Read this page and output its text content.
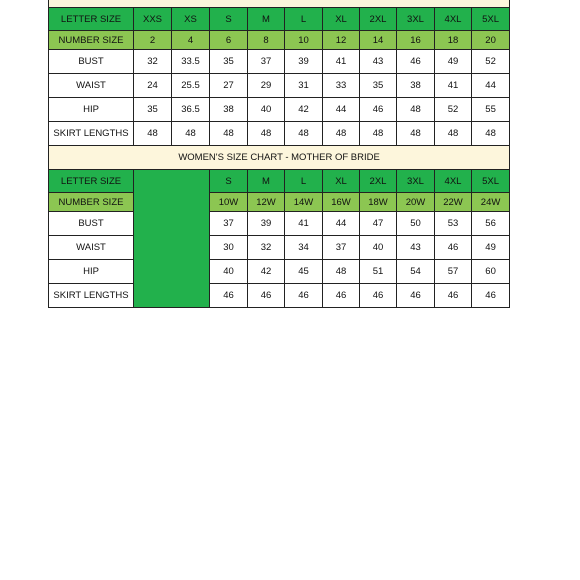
LETTER SIZE	XXS	XS	S	M	L	XL	2XL	3XL	4XL	5XL
NUMBER SIZE	2	4	6	8	10	12	14	16	18	20
BUST	32	33.5	35	37	39	41	43	46	49	52
WAIST	24	25.5	27	29	31	33	35	38	41	44
HIP	35	36.5	38	40	42	44	46	48	52	55
SKIRT LENGTHS	48	48	48	48	48	48	48	48	48	48
WOMEN'S SIZE CHART - MOTHER OF BRIDE										
LETTER SIZE			S	M	L	XL	2XL	3XL	4XL	5XL
NUMBER SIZE			10W	12W	14W	16W	18W	20W	22W	24W
BUST			37	39	41	44	47	50	53	56
WAIST			30	32	34	37	40	43	46	49
HIP			40	42	45	48	51	54	57	60
SKIRT LENGTHS			46	46	46	46	46	46	46	46
